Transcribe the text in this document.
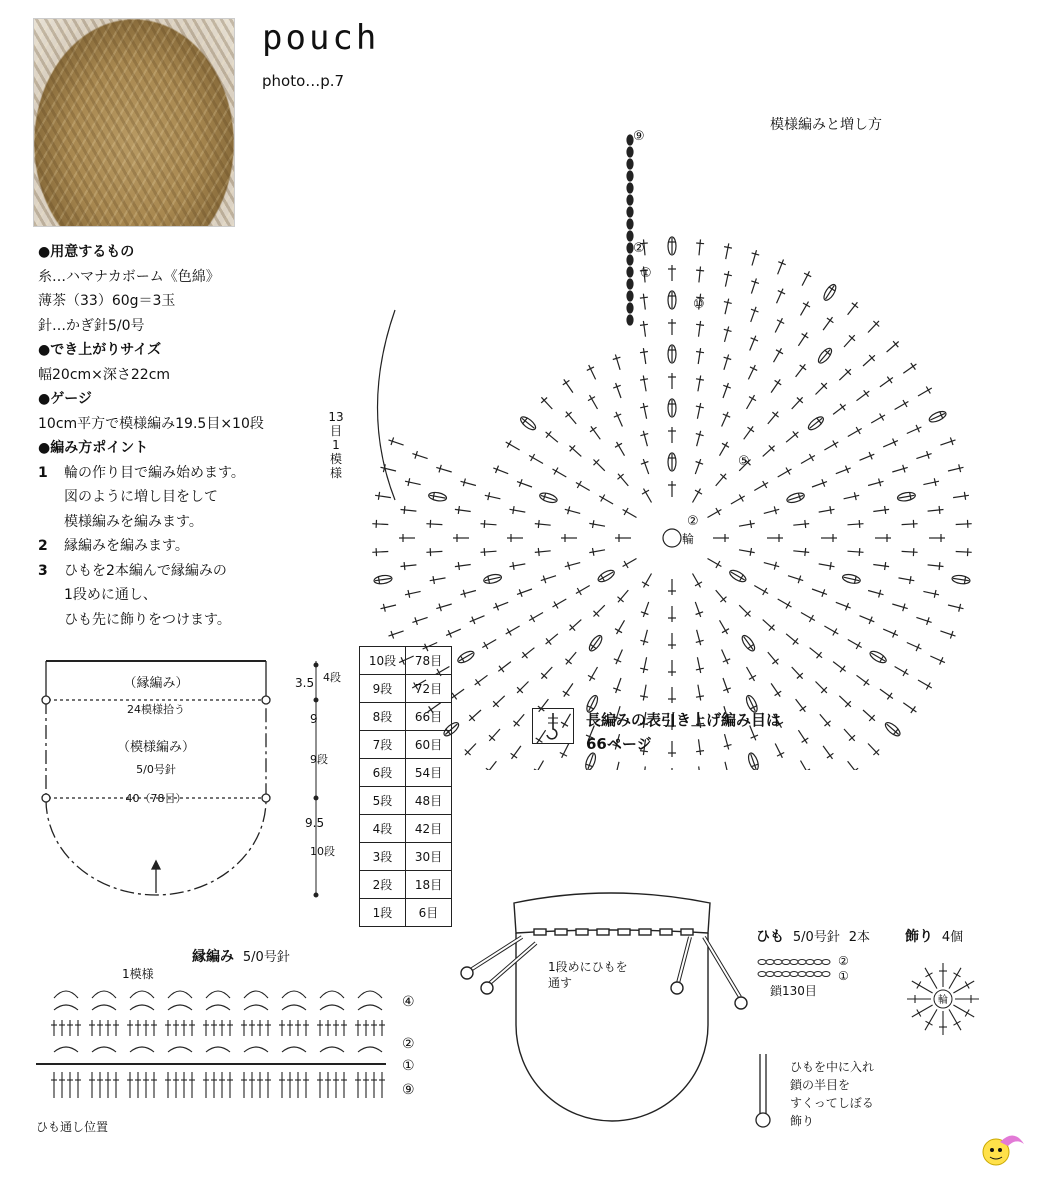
pouch
photo…p.7
●用意するもの
糸…ハマナカボーム《色綿》
薄茶（33）60g＝3玉
針…かぎ針5/0号
●でき上がりサイズ
幅20cm×深さ22cm
●ゲージ
10cm平方で模様編み19.5目×10段
●編み方ポイント
1 輪の作り目で編み始めます。
図のように増し目をして
模様編みを編みます。
2 縁編みを編みます。
3 ひもを2本編んで縁編みの
1段めに通し、
ひも先に飾りをつけます。
模様編みと増し方
輪
⑨
②
①
⑩
⑤
②
13目1模様
（縁編み）
24模様拾う
（模様編み）
5/0号針
40（78目）
3.5
9
9.5
4段
9段
10段
10段	78目
9段	72目
8段	66目
7段	60目
6段	54目
5段	48目
4段	42目
3段	30目
2段	18目
1段	6目
長編みの表引き上げ編み目は
66ページ
縁編み 5/0号針
1模様
④
②
①
⑨
ひも通し位置
1段めにひもを
通す
ひも 5/0号針 2本
②
①
鎖130目
飾り 4個
輪
ひもを中に入れ
鎖の半目を
すくってしぼる
飾り
